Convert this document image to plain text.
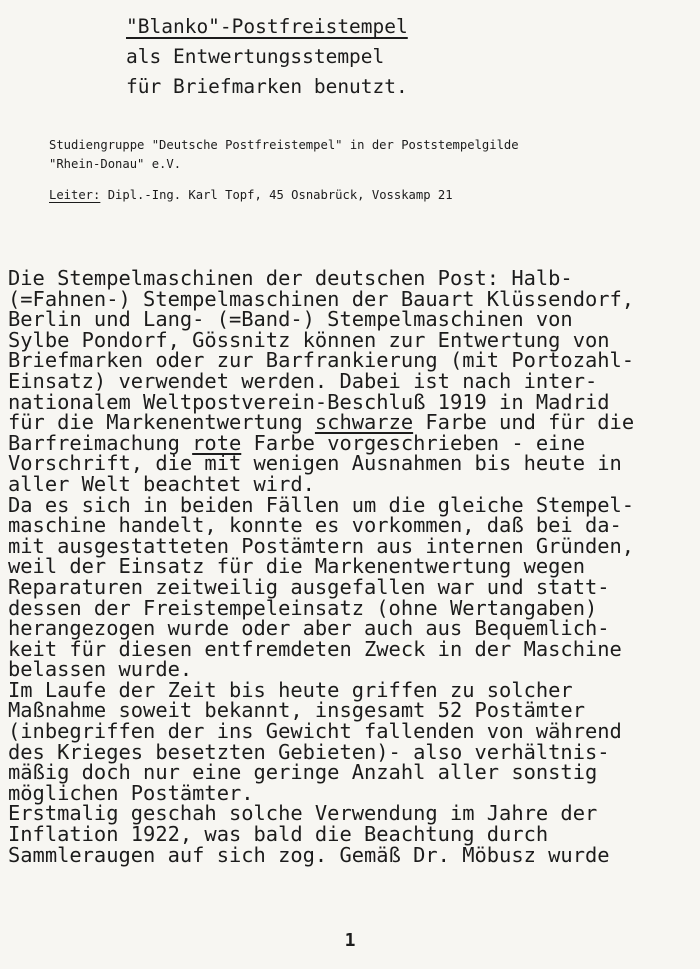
"Blanko"-Postfreistempel
als Entwertungsstempel
für Briefmarken benutzt.
Studiengruppe "Deutsche Postfreistempel" in der Poststempelgilde
"Rhein-Donau" e.V.
Leiter: Dipl.-Ing. Karl Topf, 45 Osnabrück, Vosskamp 21
Die Stempelmaschinen der deutschen Post: Halb-
(=Fahnen-) Stempelmaschinen der Bauart Klüssendorf,
Berlin und Lang- (=Band-) Stempelmaschinen von
Sylbe Pondorf, Gössnitz können zur Entwertung von
Briefmarken oder zur Barfrankierung (mit Portozahl-
Einsatz) verwendet werden. Dabei ist nach inter-
nationalem Weltpostverein-Beschluß 1919 in Madrid
für die Markenentwertung schwarze Farbe und für die
Barfreimachung rote Farbe vorgeschrieben - eine
Vorschrift, die mit wenigen Ausnahmen bis heute in
aller Welt beachtet wird.
Da es sich in beiden Fällen um die gleiche Stempel-
maschine handelt, konnte es vorkommen, daß bei da-
mit ausgestatteten Postämtern aus internen Gründen,
weil der Einsatz für die Markenentwertung wegen
Reparaturen zeitweilig ausgefallen war und statt-
dessen der Freistempeleinsatz (ohne Wertangaben)
herangezogen wurde oder aber auch aus Bequemlich-
keit für diesen entfremdeten Zweck in der Maschine
belassen wurde.
Im Laufe der Zeit bis heute griffen zu solcher
Maßnahme soweit bekannt, insgesamt 52 Postämter
(inbegriffen der ins Gewicht fallenden von während
des Krieges besetzten Gebieten)- also verhältnis-
mäßig doch nur eine geringe Anzahl aller sonstig
möglichen Postämter.
Erstmalig geschah solche Verwendung im Jahre der
Inflation 1922, was bald die Beachtung durch
Sammleraugen auf sich zog. Gemäß Dr. Möbusz wurde
1
